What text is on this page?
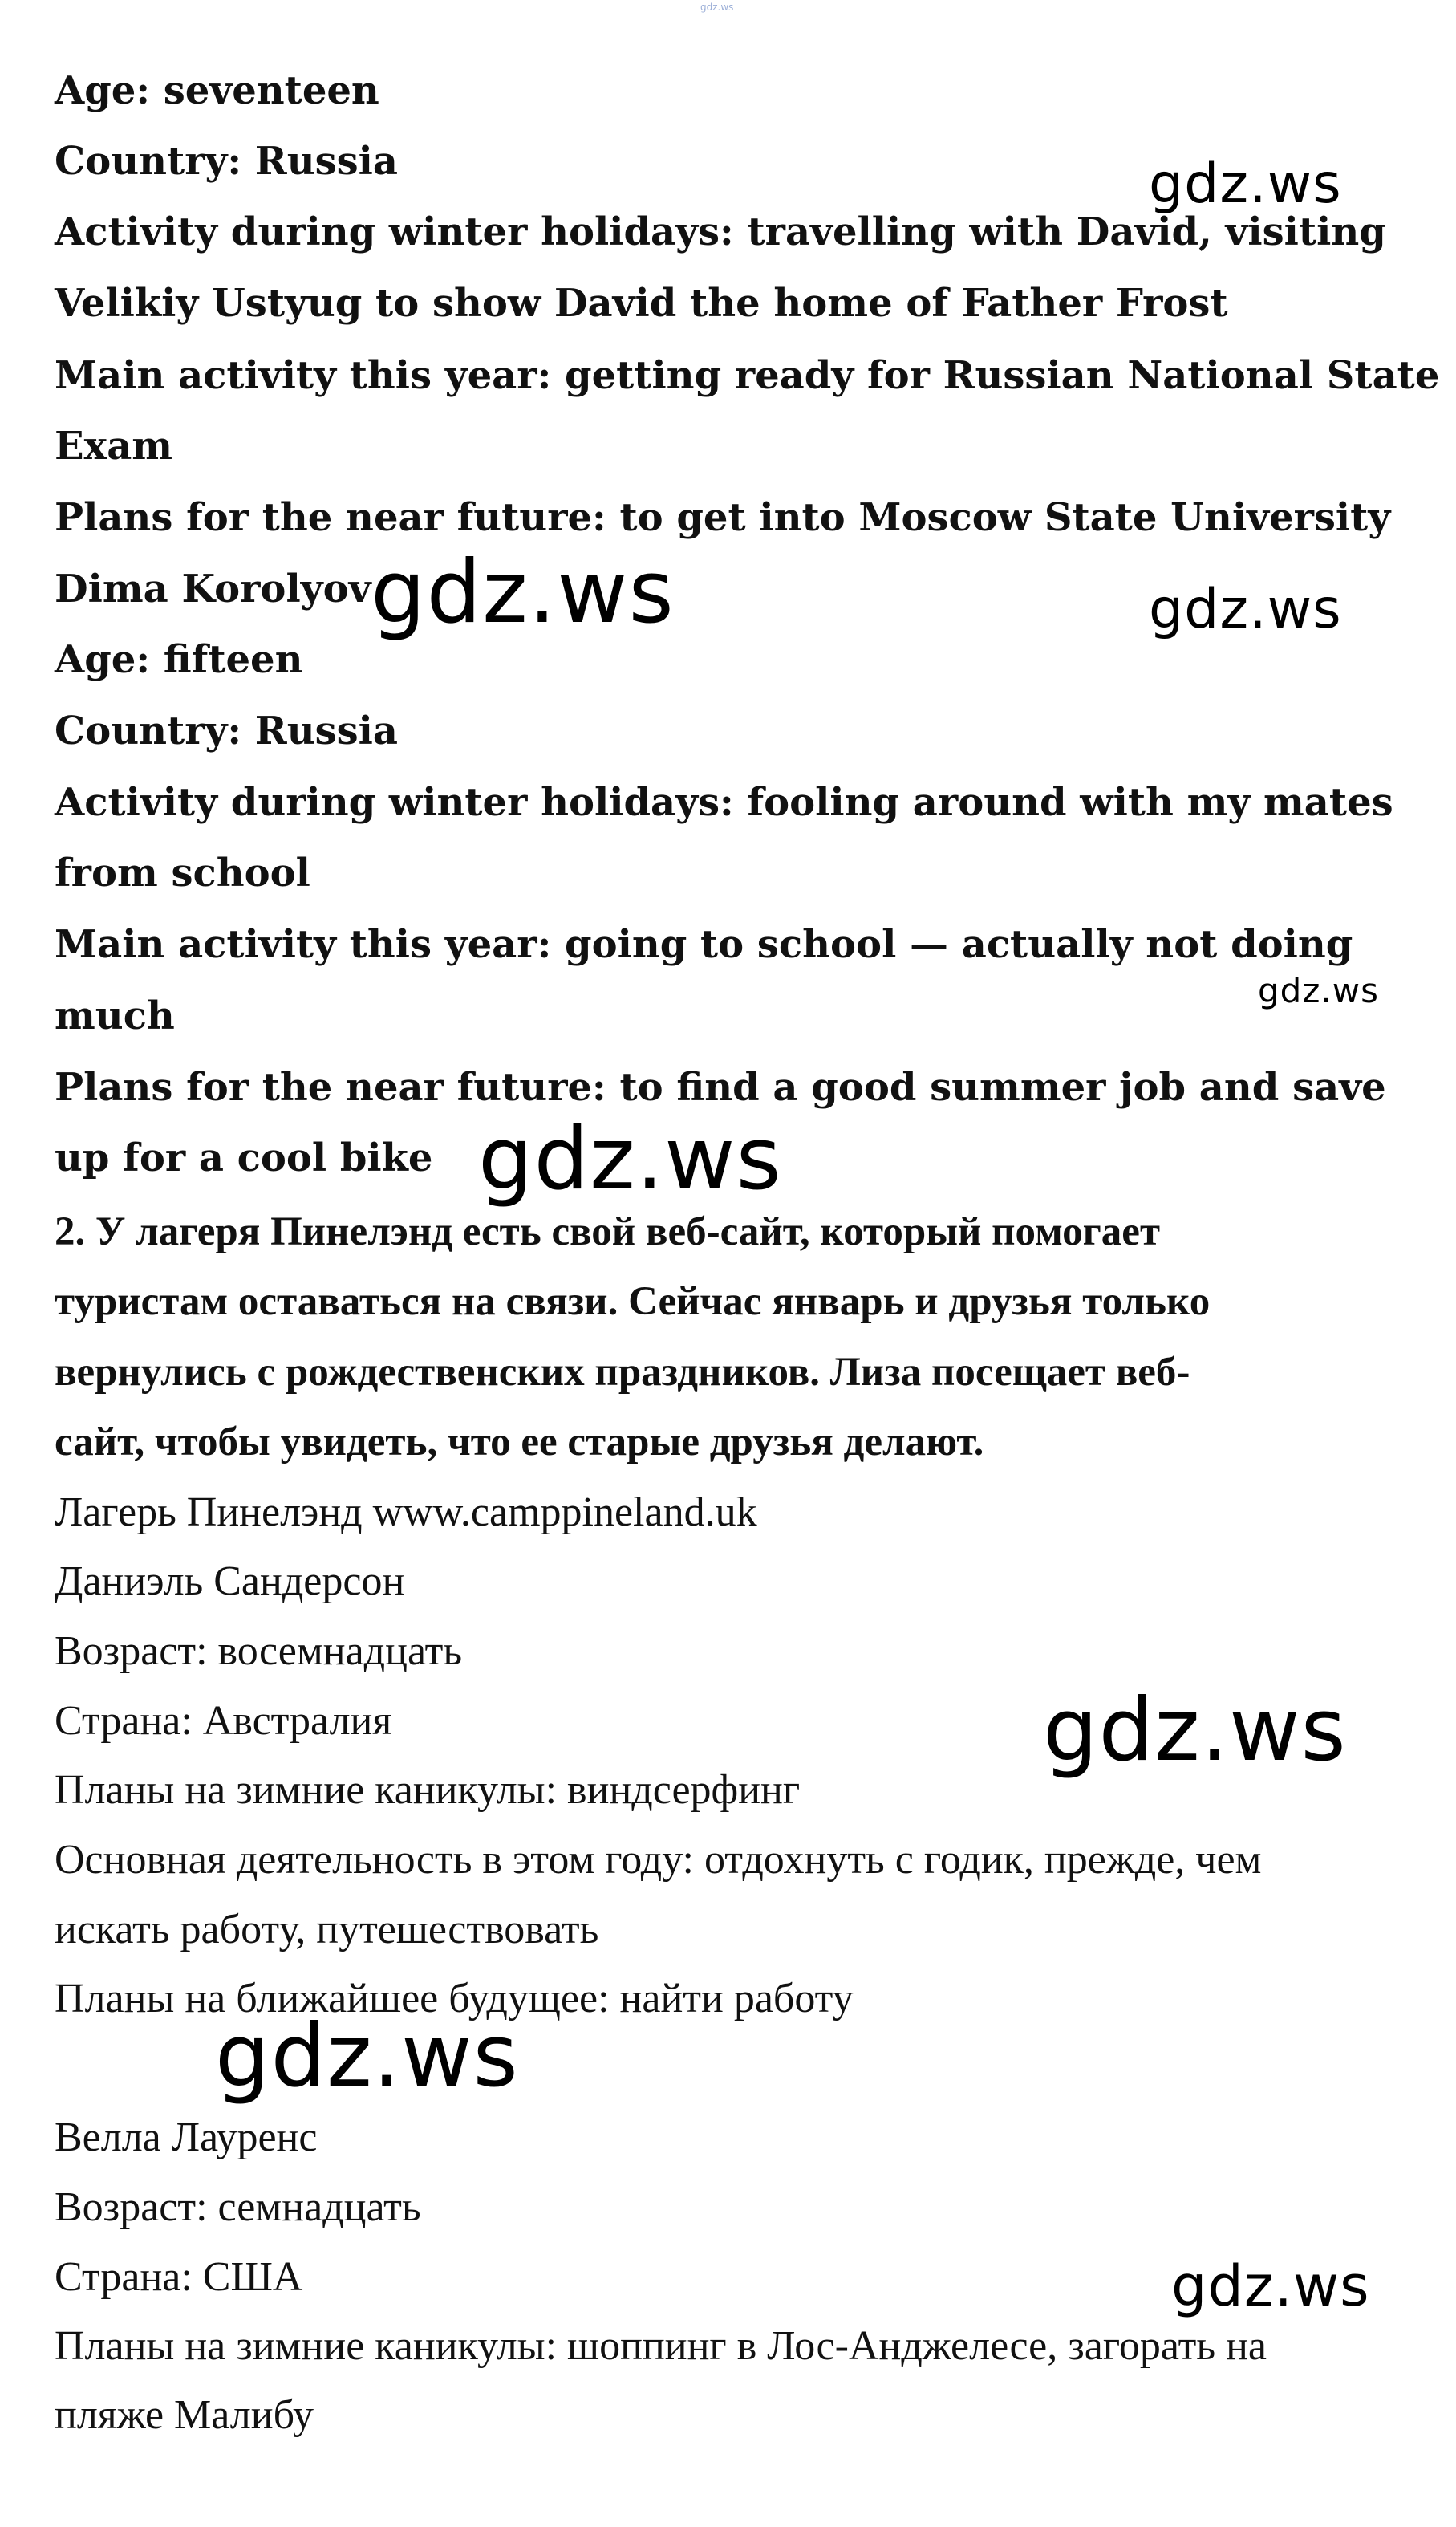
gdz.ws
Age: seventeen
Country: Russia
Activity during winter holidays: travelling with David, visiting
Velikiy Ustyug to show David the home of Father Frost
Main activity this year: getting ready for Russian National State
Exam
Plans for the near future: to get into Moscow State University
Dima Korolyov
Age: fifteen
Country: Russia
Activity during winter holidays: fooling around with my mates
from school
Main activity this year: going to school — actually not doing
much
Plans for the near future: to find a good summer job and save
up for a cool bike
2. У лагеря Пинелэнд есть свой веб-сайт, который помогает
туристам оставаться на связи. Сейчас январь и друзья только
вернулись с рождественских праздников. Лиза посещает веб-
сайт, чтобы увидеть, что ее старые друзья делают.
Лагерь Пинелэнд www.camppineland.uk
Даниэль Сандерсон
Возраст: восемнадцать
Страна: Австралия
Планы на зимние каникулы: виндсерфинг
Основная деятельность в этом году: отдохнуть с годик, прежде, чем
искать работу, путешествовать
Планы на ближайшее будущее: найти работу
Велла Лауренс
Возраст: семнадцать
Страна: США
Планы на зимние каникулы: шоппинг в Лос-Анджелесе, загорать на
пляже Малибу
gdz.ws
gdz.ws	gdz.ws
gdz.ws
gdz.ws
gdz.ws
gdz.ws
gdz.ws
